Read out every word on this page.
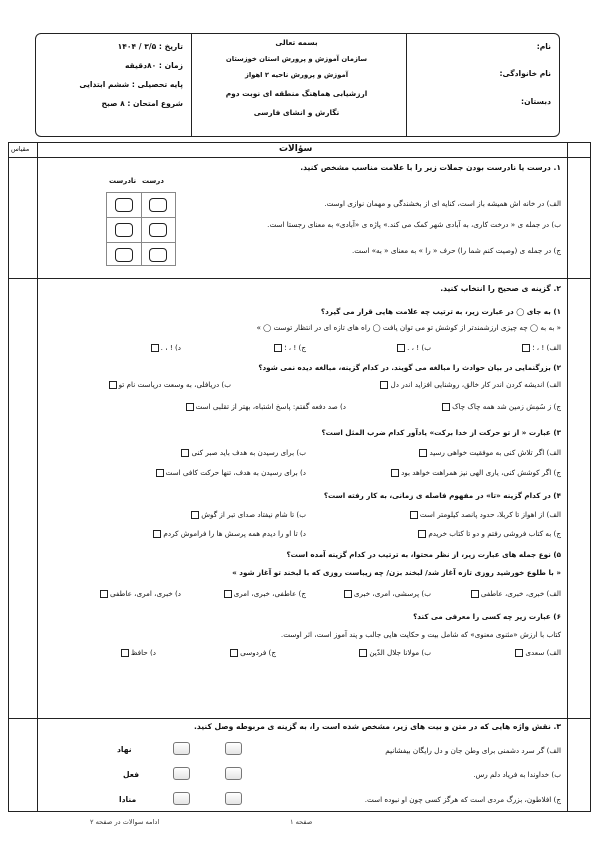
نام:
نام خانوادگی:
دبستان:
بسمه تعالی
سازمان آموزش و پرورش استان خوزستان
آموزش و پرورش ناحیه ۲ اهواز
ارزشیابی هماهنگ منطقه ای نوبت دوم
نگارش و انشای فارسی
تاریخ : ۳/۵ / ۱۴۰۴
زمان : ۸۰دقیقه
پایه تحصیلی : ششم ابتدایی
شروع امتحان : ۸ صبح
مقیاس	سؤالات
۱. درست یا نادرست بودن جملات زیر را با علامت مناسب مشخص کنید.
درست
نادرست
الف) در خانه اش همیشه باز است، کنایه ای از بخشندگی و مهمان نوازی اوست.
ب) در جمله ی « درخت کاری، به آبادی شهر کمک می کند.» پاژه ی «آبادی» به معنای رجستا است.
ج) در جمله ی (وصیت کنم شما را) حرف « را » به معنای « به» است.
۲. گزینه ی صحیح را انتخاب کنید.
۱) به جای ◯ در عبارت زیر، به ترتیب چه علامت هایی قرار می گیرد؟
« به به ◯ چه چیزی ارزشمندتر از کوشش تو می توان یافت ◯ راه های تازه ای در انتظار توست ◯ »
الف) ! ، ؛
ب) ! ، .
ج) ! ، ؛
د) ! ، .
۲) بزرگنمایی در بیان حوادث را مبالغه می گویند. در کدام گزینه، مبالغه دیده نمی شود؟
الف) اندیشه کردن اندر کار خالق، روشنایی افزاید اندر دل
ب) دریافلی، به وسعت دریاست نام تو
ج) ز سُمِش زمین شد همه چاک چاک
د) صد دفعه گفتم: پاسخ اشتباه، بهتر از تقلبی است
۳) عبارت « از تو حرکت از خدا برکت» یادآور کدام ضرب المثل است؟
الف) اگر تلاش کنی به موفقیت خواهی رسید
ب) برای رسیدن به هدف باید صبر کنی
ج) اگر کوشش کنی، یاری الهی نیز همراهت خواهد بود
د) برای رسیدن به هدف، تنها حرکت کافی است
۴) در کدام گزینه «تا» در مفهوم فاصله ی زمانی، به کار رفته است؟
الف) از اهواز تا کربلا، حدود پانصد کیلومتر است
ب) تا شام نیفتاد صدای تبر از گوش
ج) به کتاب فروشی رفتم و دو تا کتاب خریدم
د) تا او را دیدم همه پرسش ها را فراموش کردم
۵) نوع جمله های عبارت زیر، از نظر محتوا، به ترتیب در کدام گزینه آمده است؟
« با طلوع خورشید روزی تازه آغاز شد/ لبخند بزن/ چه زیباست روزی که با لبخند تو آغاز شود »
الف) خبری، خبری، عاطفی
ب) پرسشی، امری، خبری
ج) عاطفی، خبری، امری
د) خبری، امری، عاطفی
۶) عبارت زیر چه کسی را معرفی می کند؟
کتاب با ارزش «مثنوی معنوی» که شامل بیت و حکایت هایی جالب و پند آموز است، اثر اوست.
الف) سعدی
ب) مولانا جلال الدّین
ج) فردوسی
د) حافظ
۳. نقش واژه هایی که در متن و بیت های زیر، مشخص شده است را، به گزینه ی مربوطه وصل کنید.
الف) گر سرد دشمنی برای وطن جان و دل رایگان بیفشانیم
ب) خداوندا به فریاد دلم رس.
ج) افلاطون، بزرگ مردی است که هرگز کسی چون او نبوده است.
نهاد
فعل
منادا
صفحه ۱
ادامه سوالات در صفحه ۲
